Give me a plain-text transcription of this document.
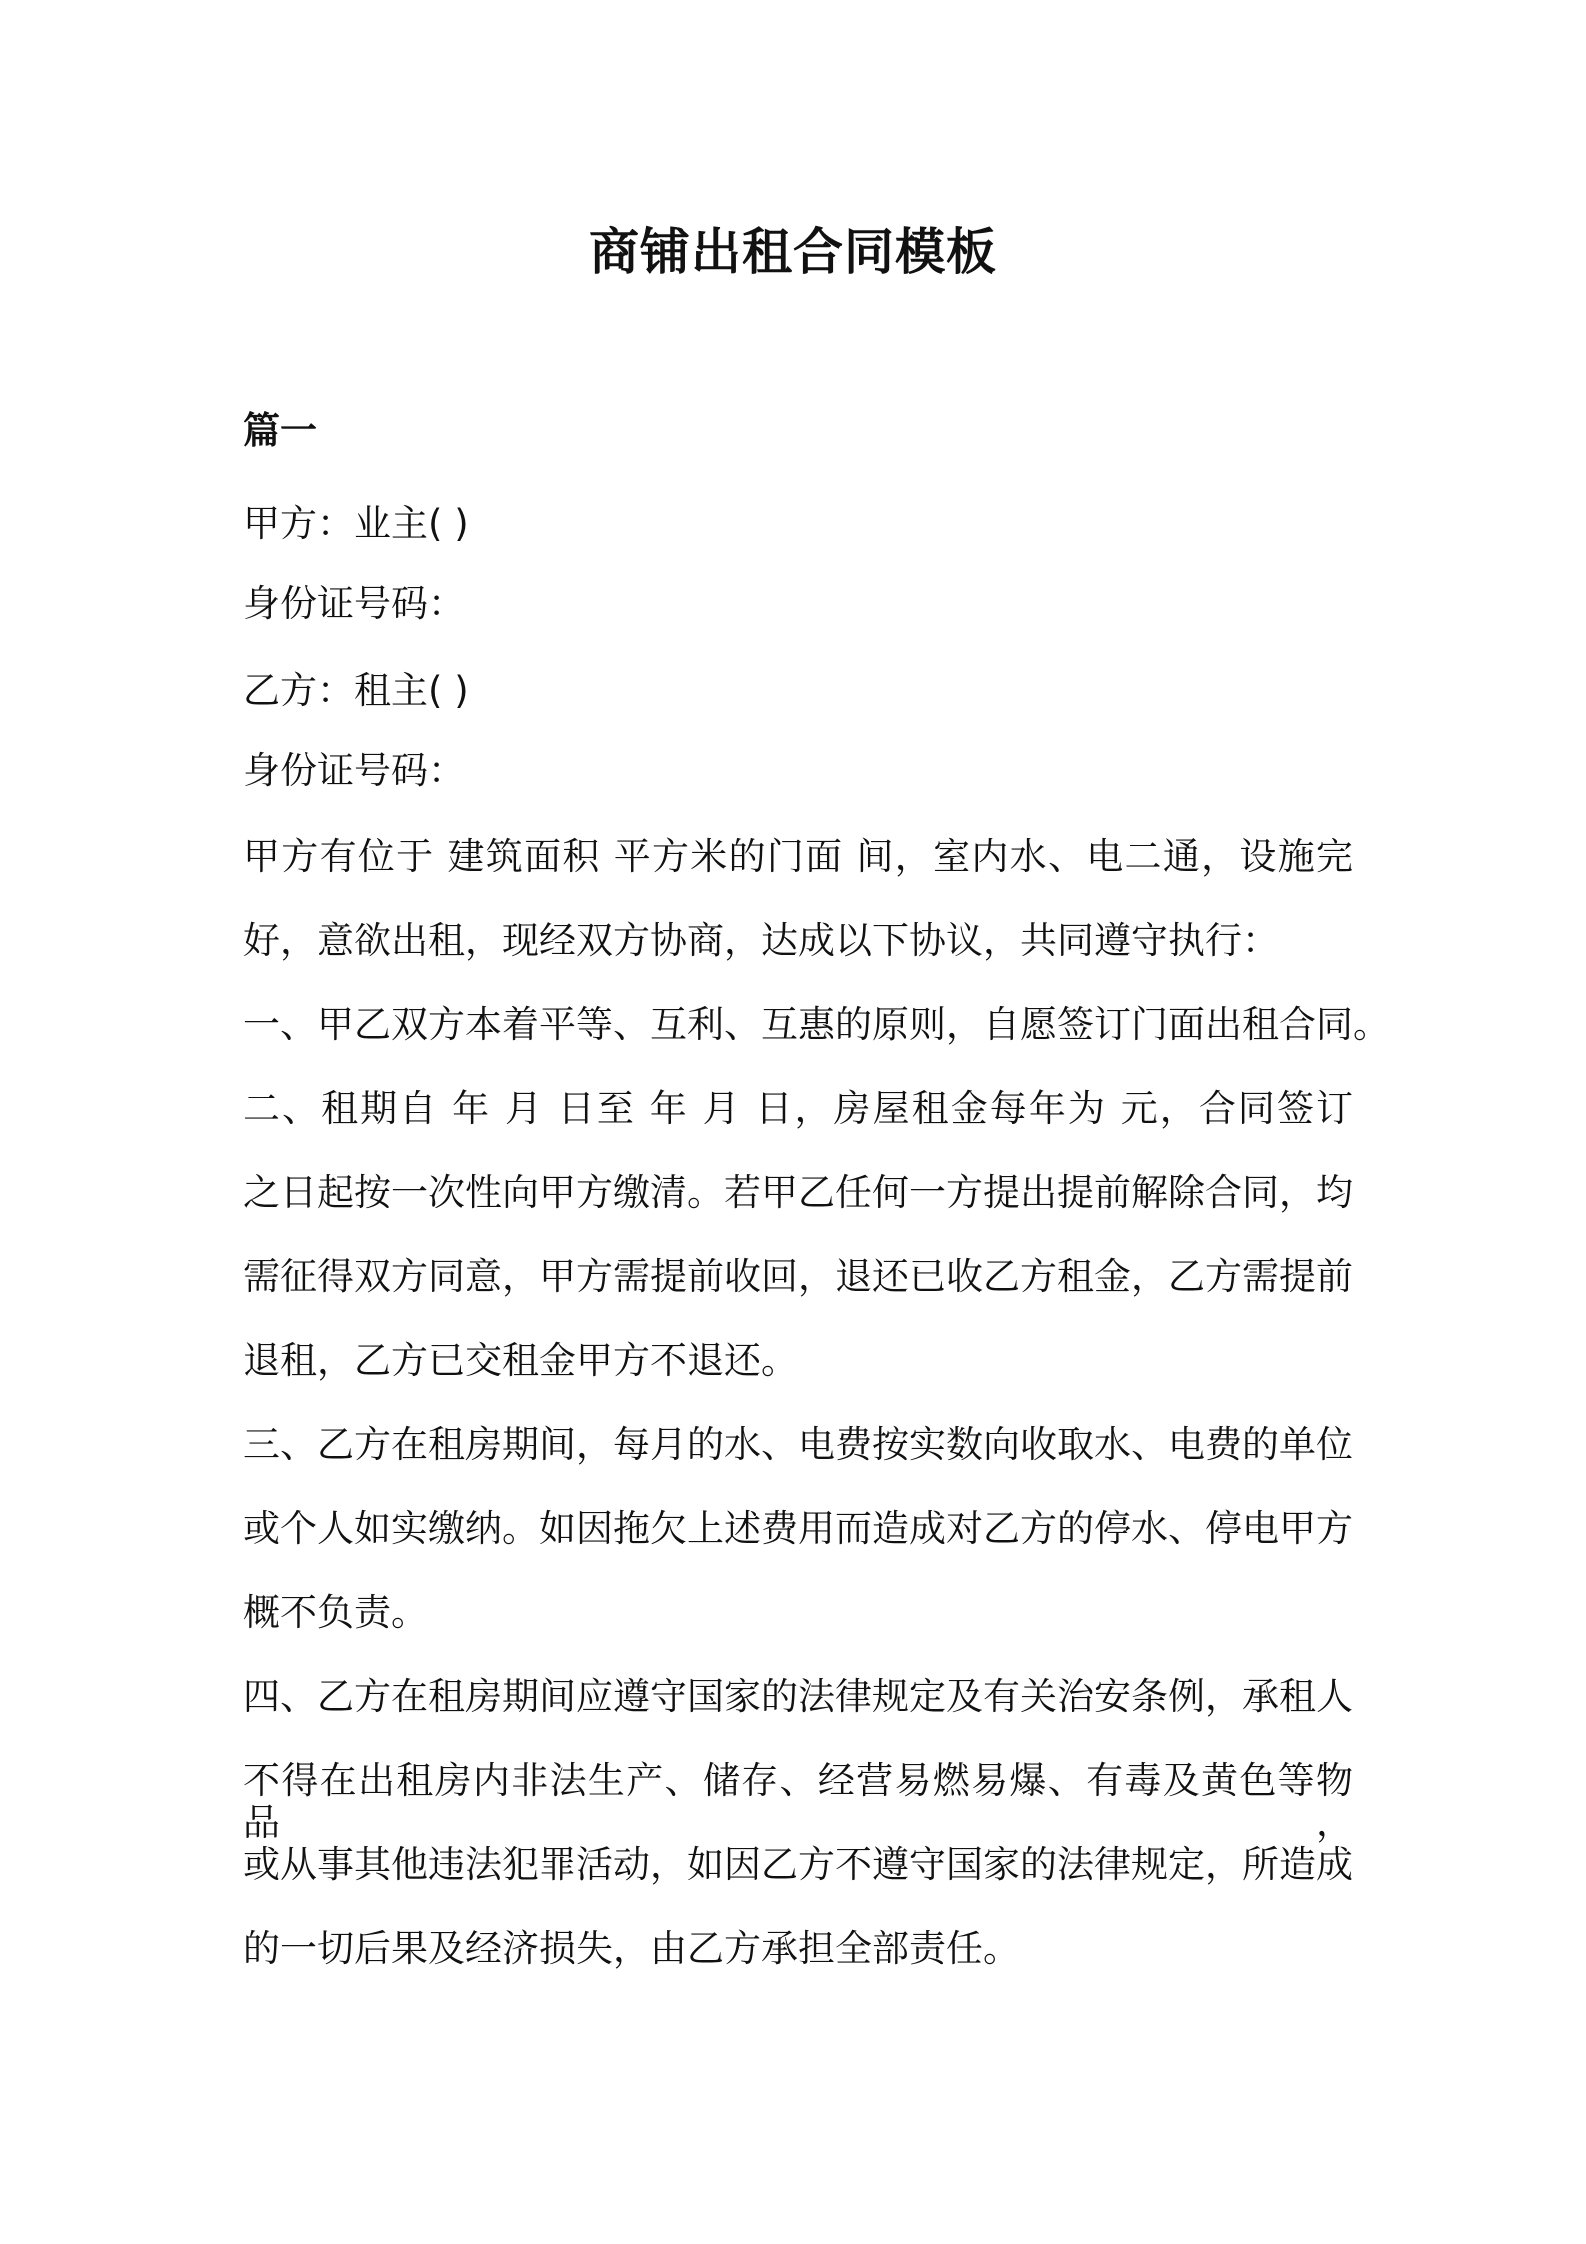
商铺出租合同模板
篇一
甲方：业主( )
身份证号码：
乙方：租主( )
身份证号码：
甲方有位于 建筑面积 平方米的门面 间，室内水、电二通，设施完
好，意欲出租，现经双方协商，达成以下协议，共同遵守执行：
一、甲乙双方本着平等、互利、互惠的原则，自愿签订门面出租合同。
二、租期自 年 月 日至 年 月 日，房屋租金每年为 元，合同签订
之日起按一次性向甲方缴清。若甲乙任何一方提出提前解除合同，均
需征得双方同意，甲方需提前收回，退还已收乙方租金，乙方需提前
退租，乙方已交租金甲方不退还。
三、乙方在租房期间，每月的水、电费按实数向收取水、电费的单位
或个人如实缴纳。如因拖欠上述费用而造成对乙方的停水、停电甲方
概不负责。
四、乙方在租房期间应遵守国家的法律规定及有关治安条例，承租人
不得在出租房内非法生产、储存、经营易燃易爆、有毒及黄色等物品，
或从事其他违法犯罪活动，如因乙方不遵守国家的法律规定，所造成
的一切后果及经济损失，由乙方承担全部责任。
